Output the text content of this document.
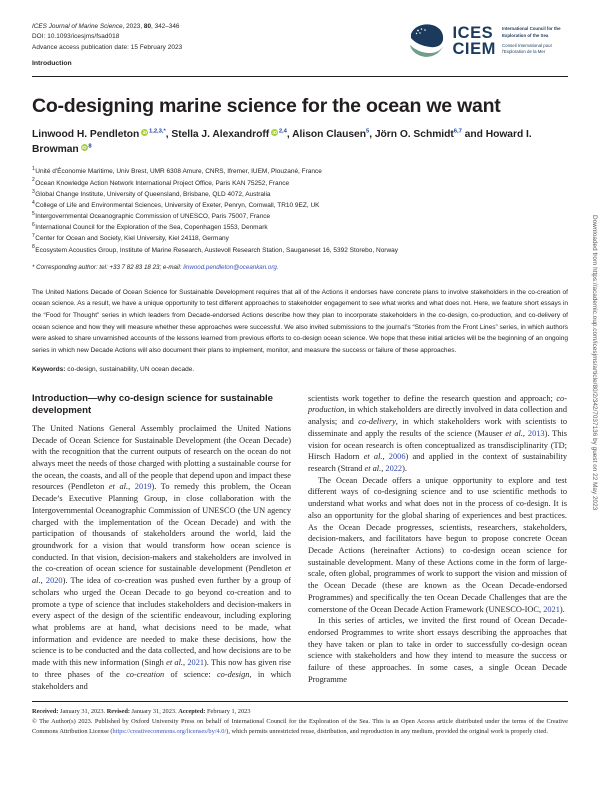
ICES Journal of Marine Science, 2023, 80, 342–346
DOI: 10.1093/icesjms/fsad018
Advance access publication date: 15 February 2023
Introduction
ICES
CIEM
International Council for the Exploration of the Sea
Conseil International pour l'Exploration de la Mer
Co-designing marine science for the ocean we want
Linwood H. Pendleton iD $^{1,2,3,*}$, Stella J. Alexandroff iD $^{2,4}$, Alison Clausen$^5$, Jörn O. Schmidt$^{6,7}$ and Howard I. Browman iD $^8$
$^1$Unité d'Économie Maritime, Univ Brest, UMR 6308 Amure, CNRS, Ifremer, IUEM, Plouzané, France
$^2$Ocean Knowledge Action Network International Project Office, Paris KAN 75252, France
$^3$Global Change Institute, University of Queensland, Brisbane, QLD 4072, Australia
$^4$College of Life and Environmental Sciences, University of Exeter, Penryn, Cornwall, TR10 9EZ, UK
$^5$Intergovernmental Oceanographic Commission of UNESCO, Paris 75007, France
$^6$International Council for the Exploration of the Sea, Copenhagen 1553, Denmark
$^7$Center for Ocean and Society, Kiel University, Kiel 24118, Germany
$^8$Ecosystem Acoustics Group, Institute of Marine Research, Austevoll Research Station, Sauganeset 16, 5392 Storebo, Norway
* Corresponding author: tel: +33 7 82 83 18 23; e-mail: linwood.pendleton@oceankan.org.
The United Nations Decade of Ocean Science for Sustainable Development requires that all of the Actions it endorses have concrete plans to involve stakeholders in the co-creation of ocean science. As a result, we have a unique opportunity to test different approaches to stakeholder engagement to see what works and what does not. Here, we feature short essays in the “Food for Thought” series in which leaders from Decade-endorsed Actions describe how they plan to incorporate stakeholders in the co-design, co-production, and co-delivery of ocean science and how they will measure whether these approaches were successful. We also invited submissions to the journal’s “Stories from the Front Lines” series, in which authors were asked to share unvarnished accounts of the lessons learned from previous efforts to co-design ocean science. We hope that these initial articles will be the beginning of an ongoing series in which new Decade Actions will also document their plans to implement, monitor, and measure the success or failure of these approaches.
Keywords: co-design, sustainability, UN ocean decade.
Introduction—why co-design science for sustainable development

The United Nations General Assembly proclaimed the United Nations Decade of Ocean Science for Sustainable Development (the Ocean Decade) with the recognition that the current outputs of research on the ocean do not always meet the needs of those charged with plotting a sustainable course for the ocean, the coasts, and all of the people that depend upon and impact these resources (Pendleton et al., 2019). To remedy this problem, the Ocean Decade’s Executive Planning Group, in close collaboration with the Intergovernmental Oceanographic Commission of UNESCO (the UN agency charged with the implementation of the Ocean Decade) and with the participation of thousands of stakeholders around the world, laid the groundwork for a vision that would transform how ocean science is conducted. In that vision, decision-makers and stakeholders are involved in the co-creation of ocean science for sustainable development (Pendleton et al., 2020). The idea of co-creation was pushed even further by a group of scholars who urged the Ocean Decade to go beyond co-creation and to promote a type of science that includes stakeholders and decision-makers in every aspect of the design of the scientific endeavour, including exploring what problems are at hand, what decisions need to be made, what information and evidence are needed to make these decisions, how the science is to be conducted and the data collected, and how decisions are to be made with this new information (Singh et al., 2021). This now has given rise to three phases of the co-creation of science: co-design, in which stakeholders and

scientists work together to define the research question and approach; co-production, in which stakeholders are directly involved in data collection and analysis; and co-delivery, in which stakeholders work with scientists to disseminate and apply the results of the science (Mauser et al., 2013). This vision for ocean research is often conceptualized as transdisciplinarity (TD; Hirsch Hadorn et al., 2006) and applied in the context of sustainability research (Strand et al., 2022).

The Ocean Decade offers a unique opportunity to explore and test different ways of co-designing science and to use scientific methods to understand what works and what does not in the process of co-design. It is also an opportunity for the global sharing of experiences and best practices. As the Ocean Decade progresses, scientists, researchers, stakeholders, decision-makers, and facilitators have begun to propose concrete Ocean Decade Actions (hereinafter Actions) to co-design ocean science for sustainable development. Many of these Actions come in the form of large-scale, often global, programmes of work to support the vision and mission of the Ocean Decade (these are known as the Ocean Decade-endorsed Programmes) and specifically the ten Ocean Decade Challenges that are the cornerstone of the Ocean Decade Action Framework (UNESCO-IOC, 2021).

In this series of articles, we invited the first round of Ocean Decade-endorsed Programmes to write short essays describing the approaches that they have taken or plan to take in order to successfully co-design ocean science with stakeholders and how they intend to measure the success or failure of these approaches. In some cases, a single Ocean Decade Programme

Received: January 31, 2023. Revised: January 31, 2023. Accepted: February 1, 2023
© The Author(s) 2023. Published by Oxford University Press on behalf of International Council for the Exploration of the Sea. This is an Open Access article distributed under the terms of the Creative Commons Attribution License (https://creativecommons.org/licenses/by/4.0/), which permits unrestricted reuse, distribution, and reproduction in any medium, provided the original work is properly cited.
Downloaded from https://academic.oup.com/icesjms/article/80/2/342/7037136 by guest on 22 May 2023
